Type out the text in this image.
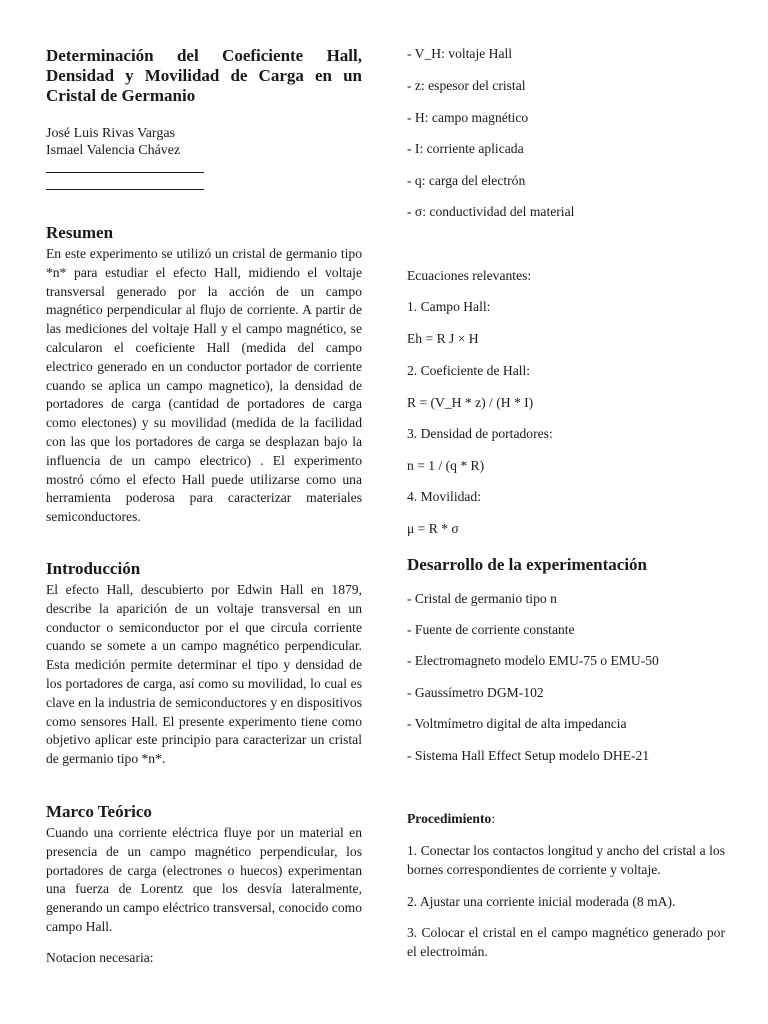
Determinación del Coeficiente Hall, Densidad y Movilidad de Carga en un Cristal de Germanio
José Luis Rivas Vargas
Ismael Valencia Chávez
Resumen

En este experimento se utilizó un cristal de germanio tipo *n* para estudiar el efecto Hall, midiendo el voltaje transversal generado por la acción de un campo magnético perpendicular al flujo de corriente. A partir de las mediciones del voltaje Hall y el campo magnético, se calcularon el coeficiente Hall (medida del campo electrico generado en un conductor portador de corriente cuando se aplica un campo magnetico), la densidad de portadores de carga (cantidad de portadores de carga como electones) y su movilidad (medida de la facilidad con las que los portadores de carga se desplazan bajo la influencia de un campo electrico) . El experimento mostró cómo el efecto Hall puede utilizarse como una herramienta poderosa para caracterizar materiales semiconductores.

Introducción

El efecto Hall, descubierto por Edwin Hall en 1879, describe la aparición de un voltaje transversal en un conductor o semiconductor por el que circula corriente cuando se somete a un campo magnético perpendicular. Esta medición permite determinar el tipo y densidad de los portadores de carga, así como su movilidad, lo cual es clave en la industria de semiconductores y en dispositivos como sensores Hall. El presente experimento tiene como objetivo aplicar este principio para caracterizar un cristal de germanio tipo *n*.

Marco Teórico

Cuando una corriente eléctrica fluye por un material en presencia de un campo magnético perpendicular, los portadores de carga (electrones o huecos) experimentan una fuerza de Lorentz que los desvía lateralmente, generando un campo eléctrico transversal, conocido como campo Hall.

Notacion necesaria:

- V_H: voltaje Hall

- z: espesor del cristal

- H: campo magnético

- I: corriente aplicada

- q: carga del electrón

- σ: conductividad del material

Ecuaciones relevantes:

1. Campo Hall:

Eh = R J × H

2. Coeficiente de Hall:

R = (V_H * z) / (H * I)

3. Densidad de portadores:

n = 1 / (q * R)

4. Movilidad:

μ = R * σ

Desarrollo de la experimentación

- Cristal de germanio tipo n

- Fuente de corriente constante

- Electromagneto modelo EMU-75 o EMU-50

- Gaussímetro DGM-102

- Voltmímetro digital de alta impedancia

- Sistema Hall Effect Setup modelo DHE-21

Procedimiento:

1. Conectar los contactos longitud y ancho del cristal a los bornes correspondientes de corriente y voltaje.

2. Ajustar una corriente inicial moderada (8 mA).

3. Colocar el cristal en el campo magnético generado por el electroimán.
